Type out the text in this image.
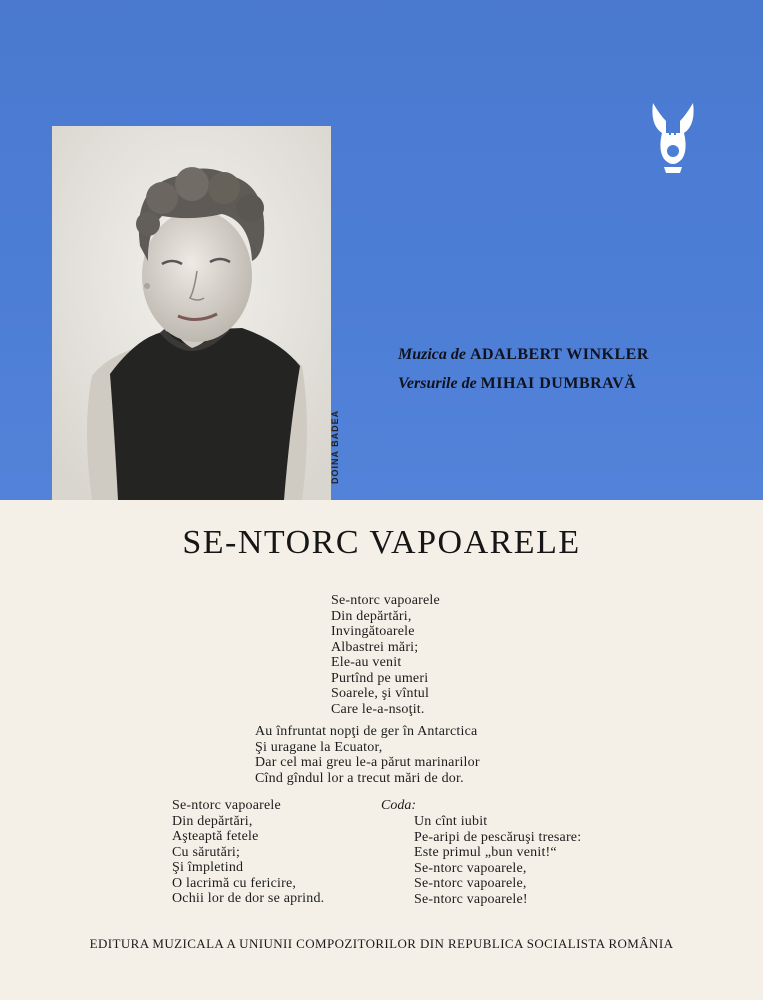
DOINA BADEA
Muzica de ADALBERT WINKLER
Versurile de MIHAI DUMBRAVĂ
SE-NTORC VAPOARELE
Se-ntorc vapoarele
Din depărtări,
Invingătoarele
Albastrei mări;
Ele-au venit
Purtînd pe umeri
Soarele, şi vîntul
Care le-a-nsoţit.
Au înfruntat nopţi de ger în Antarctica
Şi uragane la Ecuator,
Dar cel mai greu le-a părut marinarilor
Cînd gîndul lor a trecut mări de dor.
Se-ntorc vapoarele
Din depărtări,
Aşteaptă fetele
Cu sărutări;
Şi împletind
O lacrimă cu fericire,
Ochii lor de dor se aprind.
Coda:
Un cînt iubit
Pe-aripi de pescăruşi tresare:
Este primul „bun venit!“
Se-ntorc vapoarele,
Se-ntorc vapoarele,
Se-ntorc vapoarele!
EDITURA MUZICALA A UNIUNII COMPOZITORILOR DIN REPUBLICA SOCIALISTA ROMÂNIA
